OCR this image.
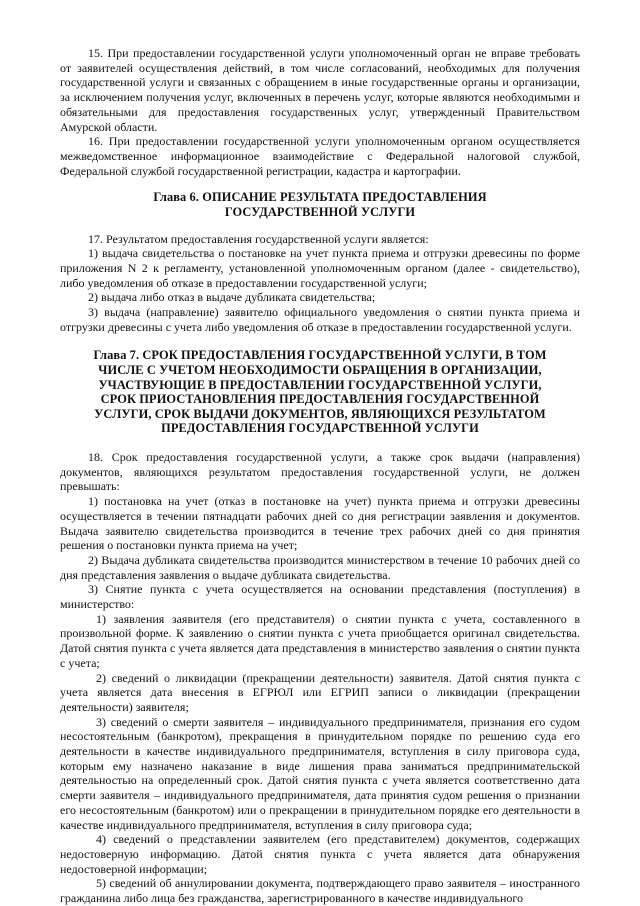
15. При предоставлении государственной услуги уполномоченный орган не вправе требовать от заявителей осуществления действий, в том числе согласований, необходимых для получения государственной услуги и связанных с обращением в иные государственные органы и организации, за исключением получения услуг, включенных в перечень услуг, которые являются необходимыми и обязательными для предоставления государственных услуг, утвержденный Правительством Амурской области.

16. При предоставлении государственной услуги уполномоченным органом осуществляется межведомственное информационное взаимодействие с Федеральной налоговой службой, Федеральной службой государственной регистрации, кадастра и картографии.

Глава 6. ОПИСАНИЕ РЕЗУЛЬТАТА ПРЕДОСТАВЛЕНИЯ ГОСУДАРСТВЕННОЙ УСЛУГИ

17. Результатом предоставления государственной услуги является:

1) выдача свидетельства о постановке на учет пункта приема и отгрузки древесины по форме приложения N 2 к регламенту, установленной уполномоченным органом (далее - свидетельство), либо уведомления об отказе в предоставлении государственной услуги;

2) выдача либо отказ в выдаче дубликата свидетельства;

3) выдача (направление) заявителю официального уведомления о снятии пункта приема и отгрузки древесины с учета либо уведомления об отказе в предоставлении государственной услуги.

Глава 7. СРОК ПРЕДОСТАВЛЕНИЯ ГОСУДАРСТВЕННОЙ УСЛУГИ, В ТОМ ЧИСЛЕ С УЧЕТОМ НЕОБХОДИМОСТИ ОБРАЩЕНИЯ В ОРГАНИЗАЦИИ, УЧАСТВУЮЩИЕ В ПРЕДОСТАВЛЕНИИ ГОСУДАРСТВЕННОЙ УСЛУГИ, СРОК ПРИОСТАНОВЛЕНИЯ ПРЕДОСТАВЛЕНИЯ ГОСУДАРСТВЕННОЙ УСЛУГИ, СРОК ВЫДАЧИ ДОКУМЕНТОВ, ЯВЛЯЮЩИХСЯ РЕЗУЛЬТАТОМ ПРЕДОСТАВЛЕНИЯ ГОСУДАРСТВЕННОЙ УСЛУГИ

18. Срок предоставления государственной услуги, а также срок выдачи (направления) документов, являющихся результатом предоставления государственной услуги, не должен превышать:

1) постановка на учет (отказ в постановке на учет) пункта приема и отгрузки древесины осуществляется в течении пятнадцати рабочих дней со дня регистрации заявления и документов. Выдача заявителю свидетельства производится в течение трех рабочих дней со дня принятия решения о постановки пункта приема на учет;

2) Выдача дубликата свидетельства производится министерством в течение 10 рабочих дней со дня представления заявления о выдаче дубликата свидетельства.

3) Снятие пункта с учета осуществляется на основании представления (поступления) в министерство:

1) заявления заявителя (его представителя) о снятии пункта с учета, составленного в произвольной форме. К заявлению о снятии пункта с учета приобщается оригинал свидетельства. Датой снятия пункта с учета является дата представления в министерство заявления о снятии пункта с учета;

2) сведений о ликвидации (прекращении деятельности) заявителя. Датой снятия пункта с учета является дата внесения в ЕГРЮЛ или ЕГРИП записи о ликвидации (прекращении деятельности) заявителя;

3) сведений о смерти заявителя – индивидуального предпринимателя, признания его судом несостоятельным (банкротом), прекращения в принудительном порядке по решению суда его деятельности в качестве индивидуального предпринимателя, вступления в силу приговора суда, которым ему назначено наказание в виде лишения права заниматься предпринимательской деятельностью на определенный срок. Датой снятия пункта с учета является соответственно дата смерти заявителя – индивидуального предпринимателя, дата принятия судом решения о признании его несостоятельным (банкротом) или о прекращении в принудительном порядке его деятельности в качестве индивидуального предпринимателя, вступления в силу приговора суда;

4) сведений о представлении заявителем (его представителем) документов, содержащих недостоверную информацию. Датой снятия пункта с учета является дата обнаружения недостоверной информации;

5) сведений об аннулировании документа, подтверждающего право заявителя – иностранного гражданина либо лица без гражданства, зарегистрированного в качестве индивидуального
